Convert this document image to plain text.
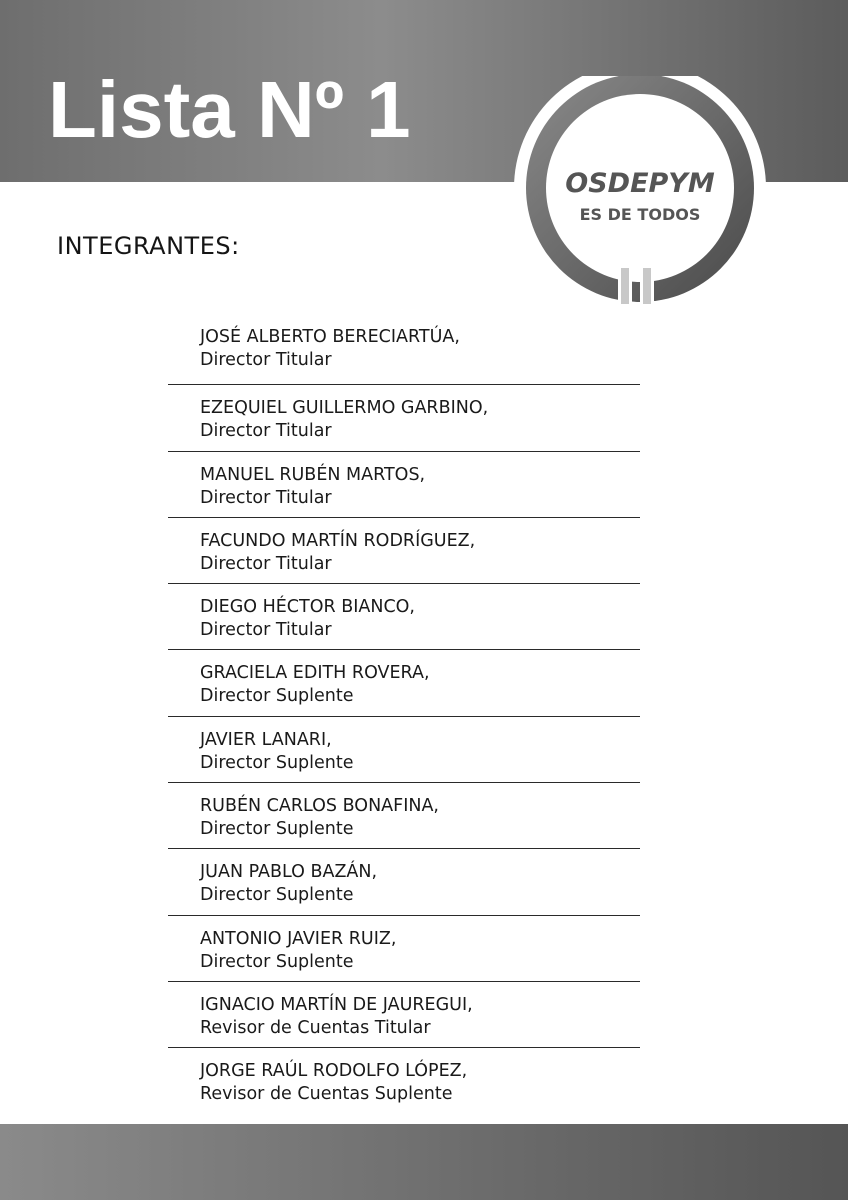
Lista Nº 1
OSDEPYM
ES DE TODOS
INTEGRANTES:
JOSÉ ALBERTO BERECIARTÚA,
Director Titular
EZEQUIEL GUILLERMO GARBINO,
Director Titular
MANUEL RUBÉN MARTOS,
Director Titular
FACUNDO MARTÍN RODRÍGUEZ,
Director Titular
DIEGO HÉCTOR BIANCO,
Director Titular
GRACIELA EDITH ROVERA,
Director Suplente
JAVIER LANARI,
Director Suplente
RUBÉN CARLOS BONAFINA,
Director Suplente
JUAN PABLO BAZÁN,
Director Suplente
ANTONIO JAVIER RUIZ,
Director Suplente
IGNACIO MARTÍN DE JAUREGUI,
Revisor de Cuentas Titular
JORGE RAÚL RODOLFO LÓPEZ,
Revisor de Cuentas Suplente
